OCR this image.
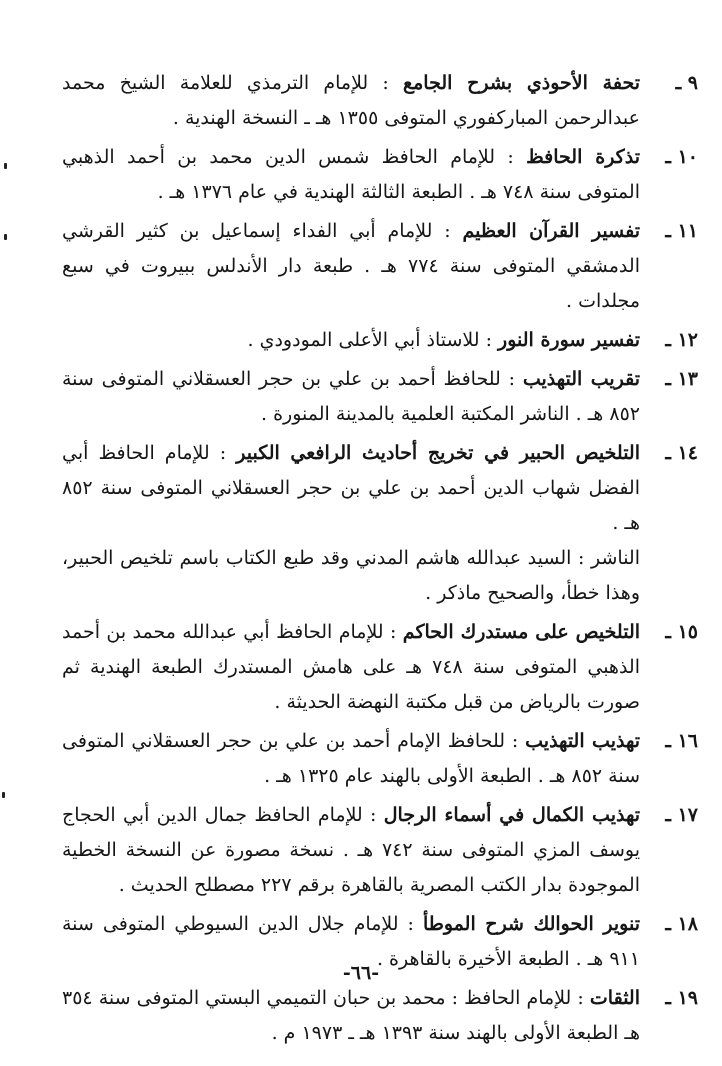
٩ ـ
تحفة الأحوذي بشرح الجامع : للإمام الترمذي للعلامة الشيخ محمد عبدالرحمن المباركفوري المتوفى ١٣٥٥ هـ ـ النسخة الهندية .
١٠ ـ
تذكرة الحافظ : للإمام الحافظ شمس الدين محمد بن أحمد الذهبي المتوفى سنة ٧٤٨ هـ . الطبعة الثالثة الهندية في عام ١٣٧٦ هـ .
١١ ـ
تفسير القرآن العظيم : للإمام أبي الفداء إسماعيل بن كثير القرشي الدمشقي المتوفى سنة ٧٧٤ هـ . طبعة دار الأندلس ببيروت في سبع مجلدات .
١٢ ـ
تفسير سورة النور : للاستاذ أبي الأعلى المودودي .
١٣ ـ
تقريب التهذيب : للحافظ أحمد بن علي بن حجر العسقلاني المتوفى سنة ٨٥٢ هـ . الناشر المكتبة العلمية بالمدينة المنورة .
١٤ ـ
التلخيص الحبير في تخريج أحاديث الرافعي الكبير : للإمام الحافظ أبي الفضل شهاب الدين أحمد بن علي بن حجر العسقلاني المتوفى سنة ٨٥٢ هـ .
الناشر : السيد عبدالله هاشم المدني وقد طبع الكتاب باسم تلخيص الحبير، وهذا خطأ، والصحيح ماذكر .
١٥ ـ
التلخيص على مستدرك الحاكم : للإمام الحافظ أبي عبدالله محمد بن أحمد الذهبي المتوفى سنة ٧٤٨ هـ على هامش المستدرك الطبعة الهندية ثم صورت بالرياض من قبل مكتبة النهضة الحديثة .
١٦ ـ
تهذيب التهذيب : للحافظ الإمام أحمد بن علي بن حجر العسقلاني المتوفى سنة ٨٥٢ هـ . الطبعة الأولى بالهند عام ١٣٢٥ هـ .
١٧ ـ
تهذيب الكمال في أسماء الرجال : للإمام الحافظ جمال الدين أبي الحجاج يوسف المزي المتوفى سنة ٧٤٢ هـ . نسخة مصورة عن النسخة الخطية الموجودة بدار الكتب المصرية بالقاهرة برقم ٢٢٧ مصطلح الحديث .
١٨ ـ
تنوير الحوالك شرح الموطأ : للإمام جلال الدين السيوطي المتوفى سنة ٩١١ هـ . الطبعة الأخيرة بالقاهرة .
١٩ ـ
الثقات : للإمام الحافظ : محمد بن حبان التميمي البستي المتوفى سنة ٣٥٤ هـ الطبعة الأولى بالهند سنة ١٣٩٣ هـ ـ ١٩٧٣ م .
-٦٦-
